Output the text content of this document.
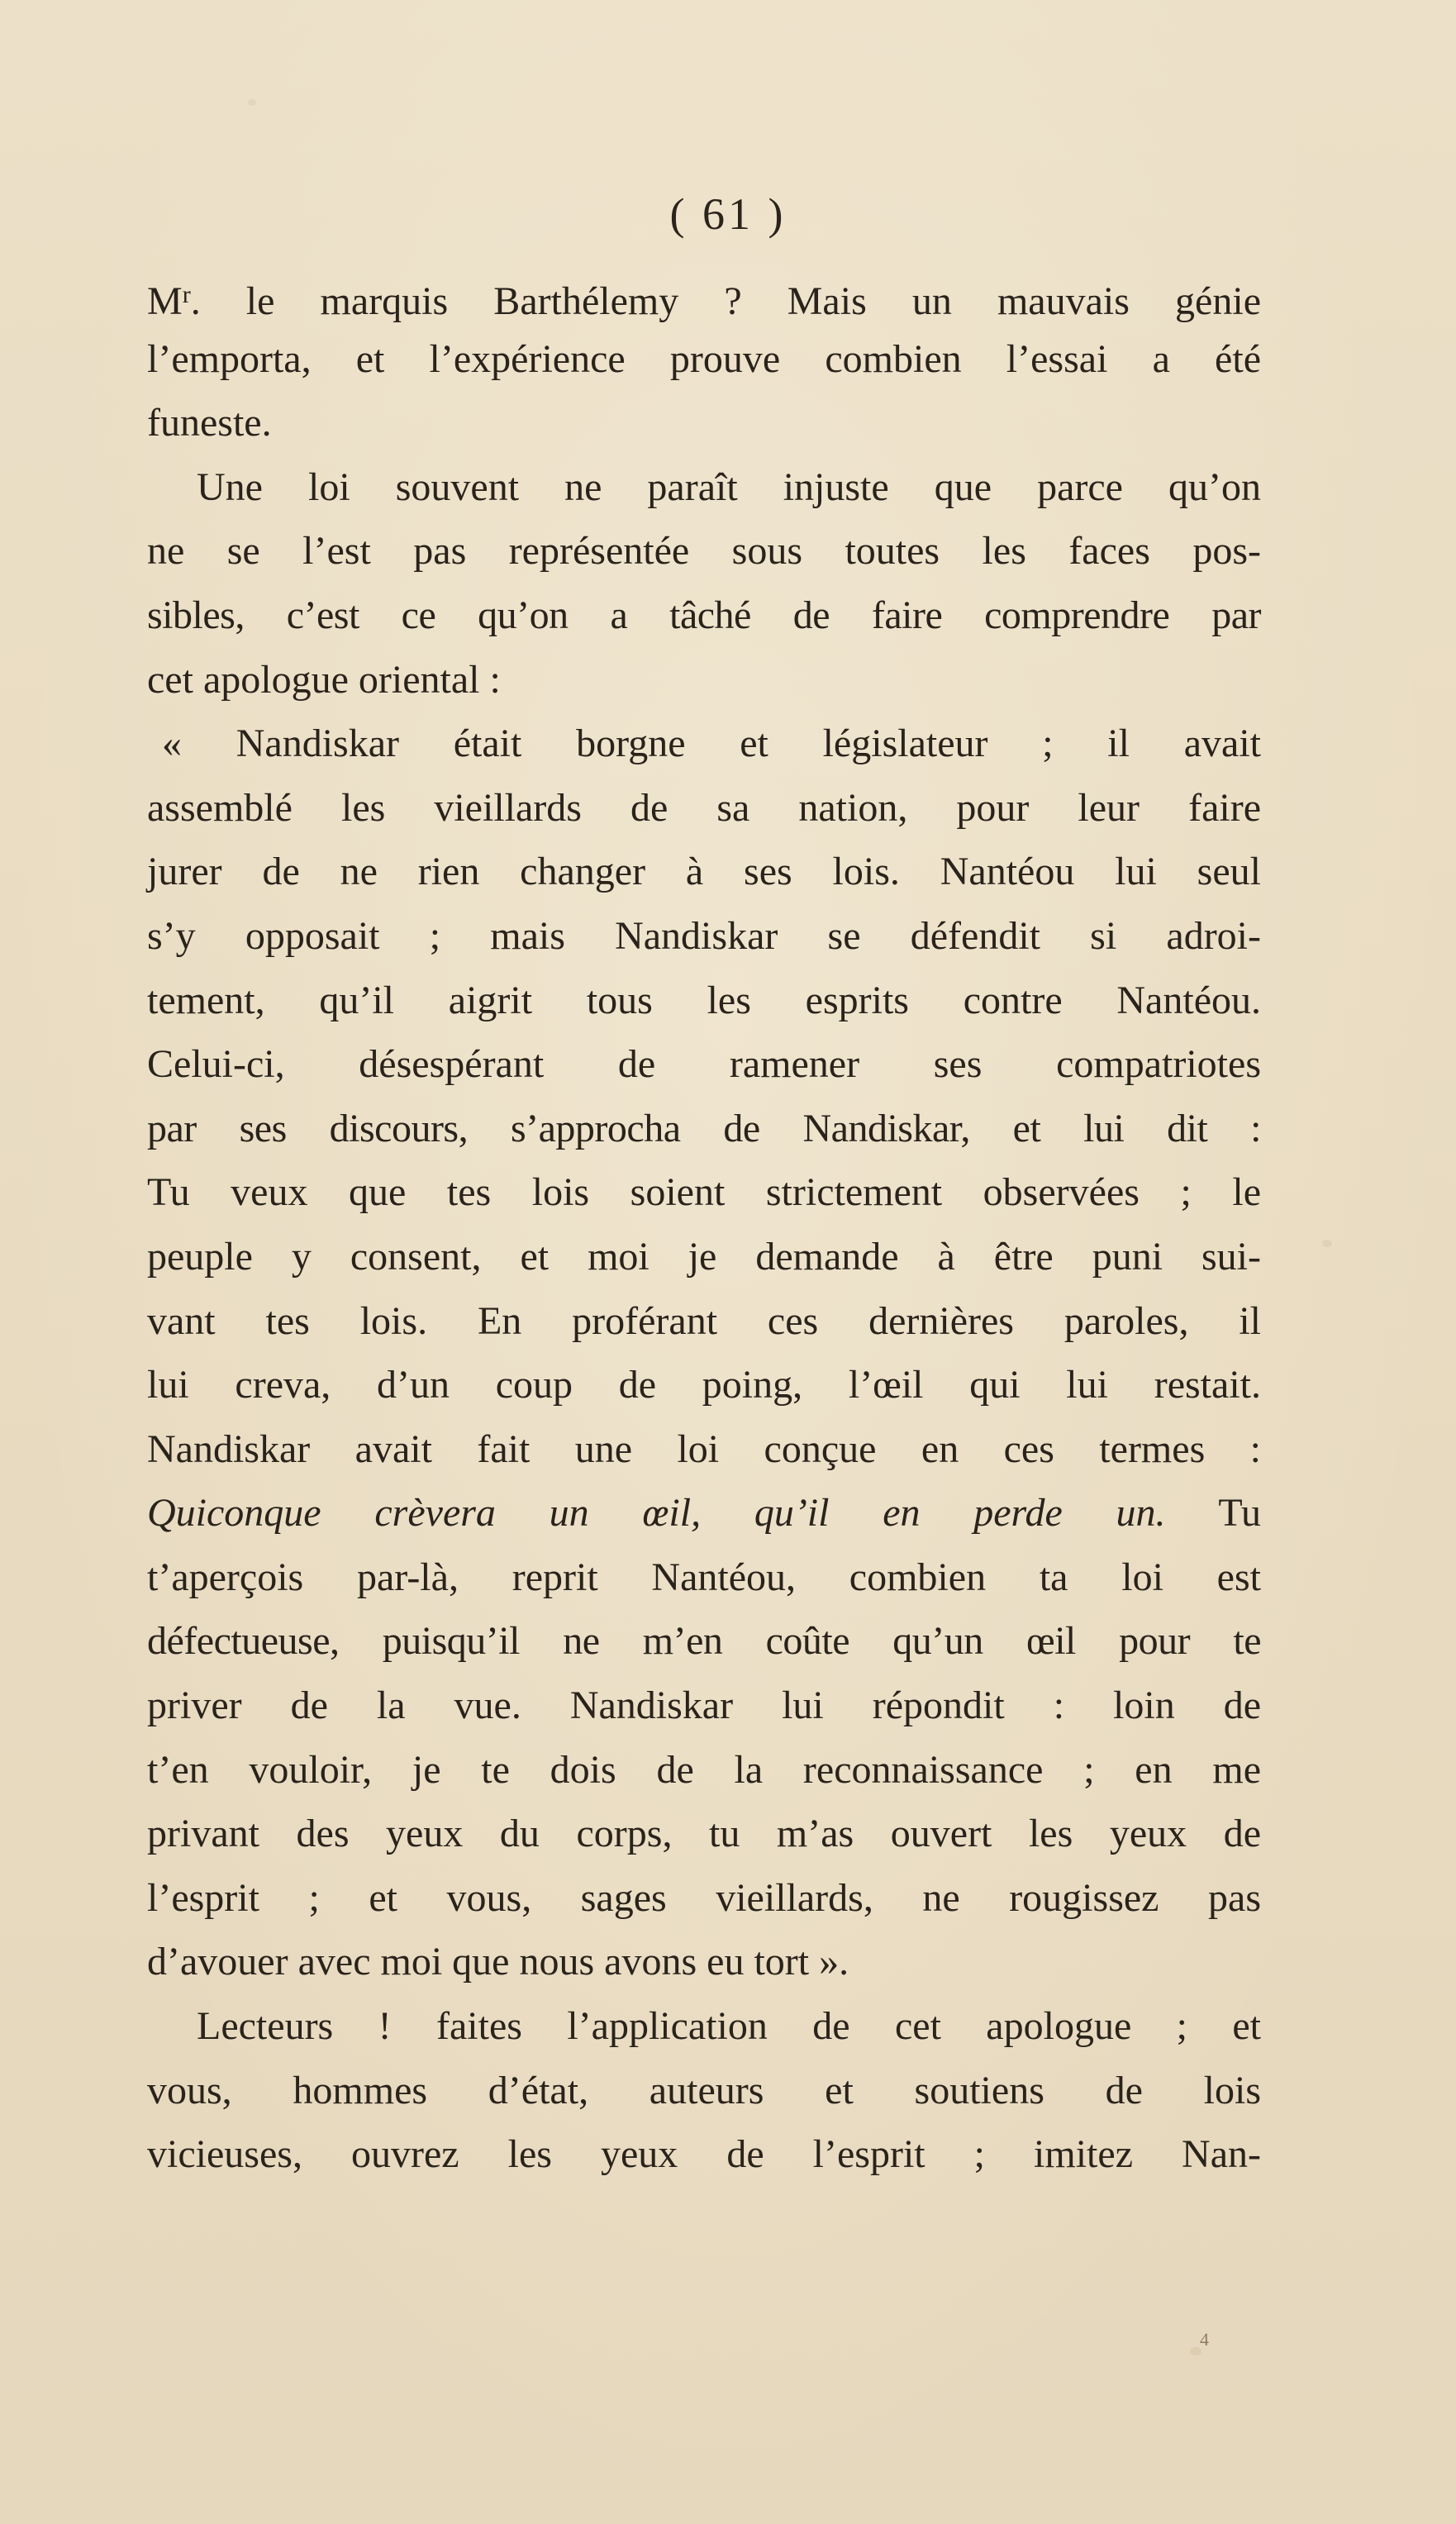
( 61 )
$M^r$. le marquis Barthélemy ? Mais un mauvais génie
l’emporta, et l’expérience prouve combien l’essai a été
funeste.
Une loi souvent ne paraît injuste que parce qu’on
ne se l’est pas représentée sous toutes les faces pos-
sibles, c’est ce qu’on a tâché de faire comprendre par
cet apologue oriental :
« Nandiskar était borgne et législateur ; il avait
assemblé les vieillards de sa nation, pour leur faire
jurer de ne rien changer à ses lois. Nantéou lui seul
s’y opposait ; mais Nandiskar se défendit si adroi-
tement, qu’il aigrit tous les esprits contre Nantéou.
Celui-ci, désespérant de ramener ses compatriotes
par ses discours, s’approcha de Nandiskar, et lui dit :
Tu veux que tes lois soient strictement observées ; le
peuple y consent, et moi je demande à être puni sui-
vant tes lois. En proférant ces dernières paroles, il
lui creva, d’un coup de poing, l’œil qui lui restait.
Nandiskar avait fait une loi conçue en ces termes :
Quiconque crèvera un œil, qu’il en perde un. Tu
t’aperçois par-là, reprit Nantéou, combien ta loi est
défectueuse, puisqu’il ne m’en coûte qu’un œil pour te
priver de la vue. Nandiskar lui répondit : loin de
t’en vouloir, je te dois de la reconnaissance ; en me
privant des yeux du corps, tu m’as ouvert les yeux de
l’esprit ; et vous, sages vieillards, ne rougissez pas
d’avouer avec moi que nous avons eu tort ».
Lecteurs ! faites l’application de cet apologue ; et
vous, hommes d’état, auteurs et soutiens de lois
vicieuses, ouvrez les yeux de l’esprit ; imitez Nan-
4
